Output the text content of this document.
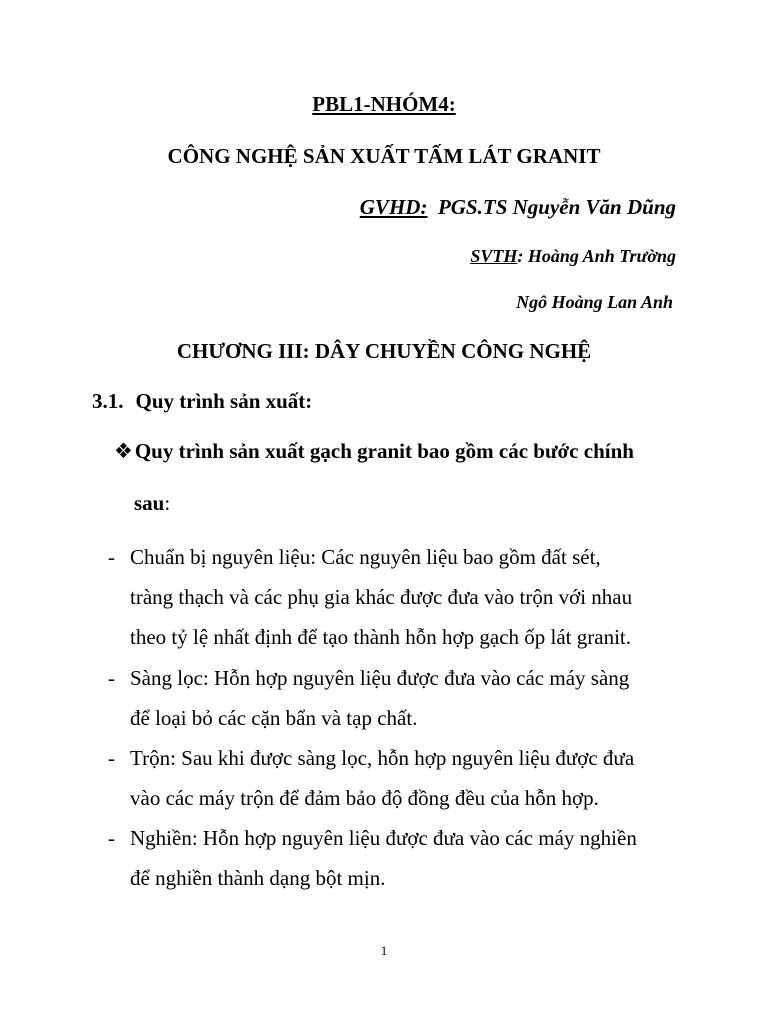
PBL1-NHÓM4:
CÔNG NGHỆ SẢN XUẤT TẤM LÁT GRANIT
GVHD: PGS.TS Nguyễn Văn Dũng
SVTH: Hoàng Anh Trường
Ngô Hoàng Lan Anh
CHƯƠNG III: DÂY CHUYỀN CÔNG NGHỆ
3.1. Quy trình sản xuất:
❖Quy trình sản xuất gạch granit bao gồm các bước chính
sau:
- Chuẩn bị nguyên liệu: Các nguyên liệu bao gồm đất sét,
tràng thạch và các phụ gia khác được đưa vào trộn với nhau
theo tỷ lệ nhất định để tạo thành hỗn hợp gạch ốp lát granit.
- Sàng lọc: Hỗn hợp nguyên liệu được đưa vào các máy sàng
để loại bỏ các cặn bẩn và tạp chất.
- Trộn: Sau khi được sàng lọc, hỗn hợp nguyên liệu được đưa
vào các máy trộn để đảm bảo độ đồng đều của hỗn hợp.
- Nghiền: Hỗn hợp nguyên liệu được đưa vào các máy nghiền
để nghiền thành dạng bột mịn.
1
